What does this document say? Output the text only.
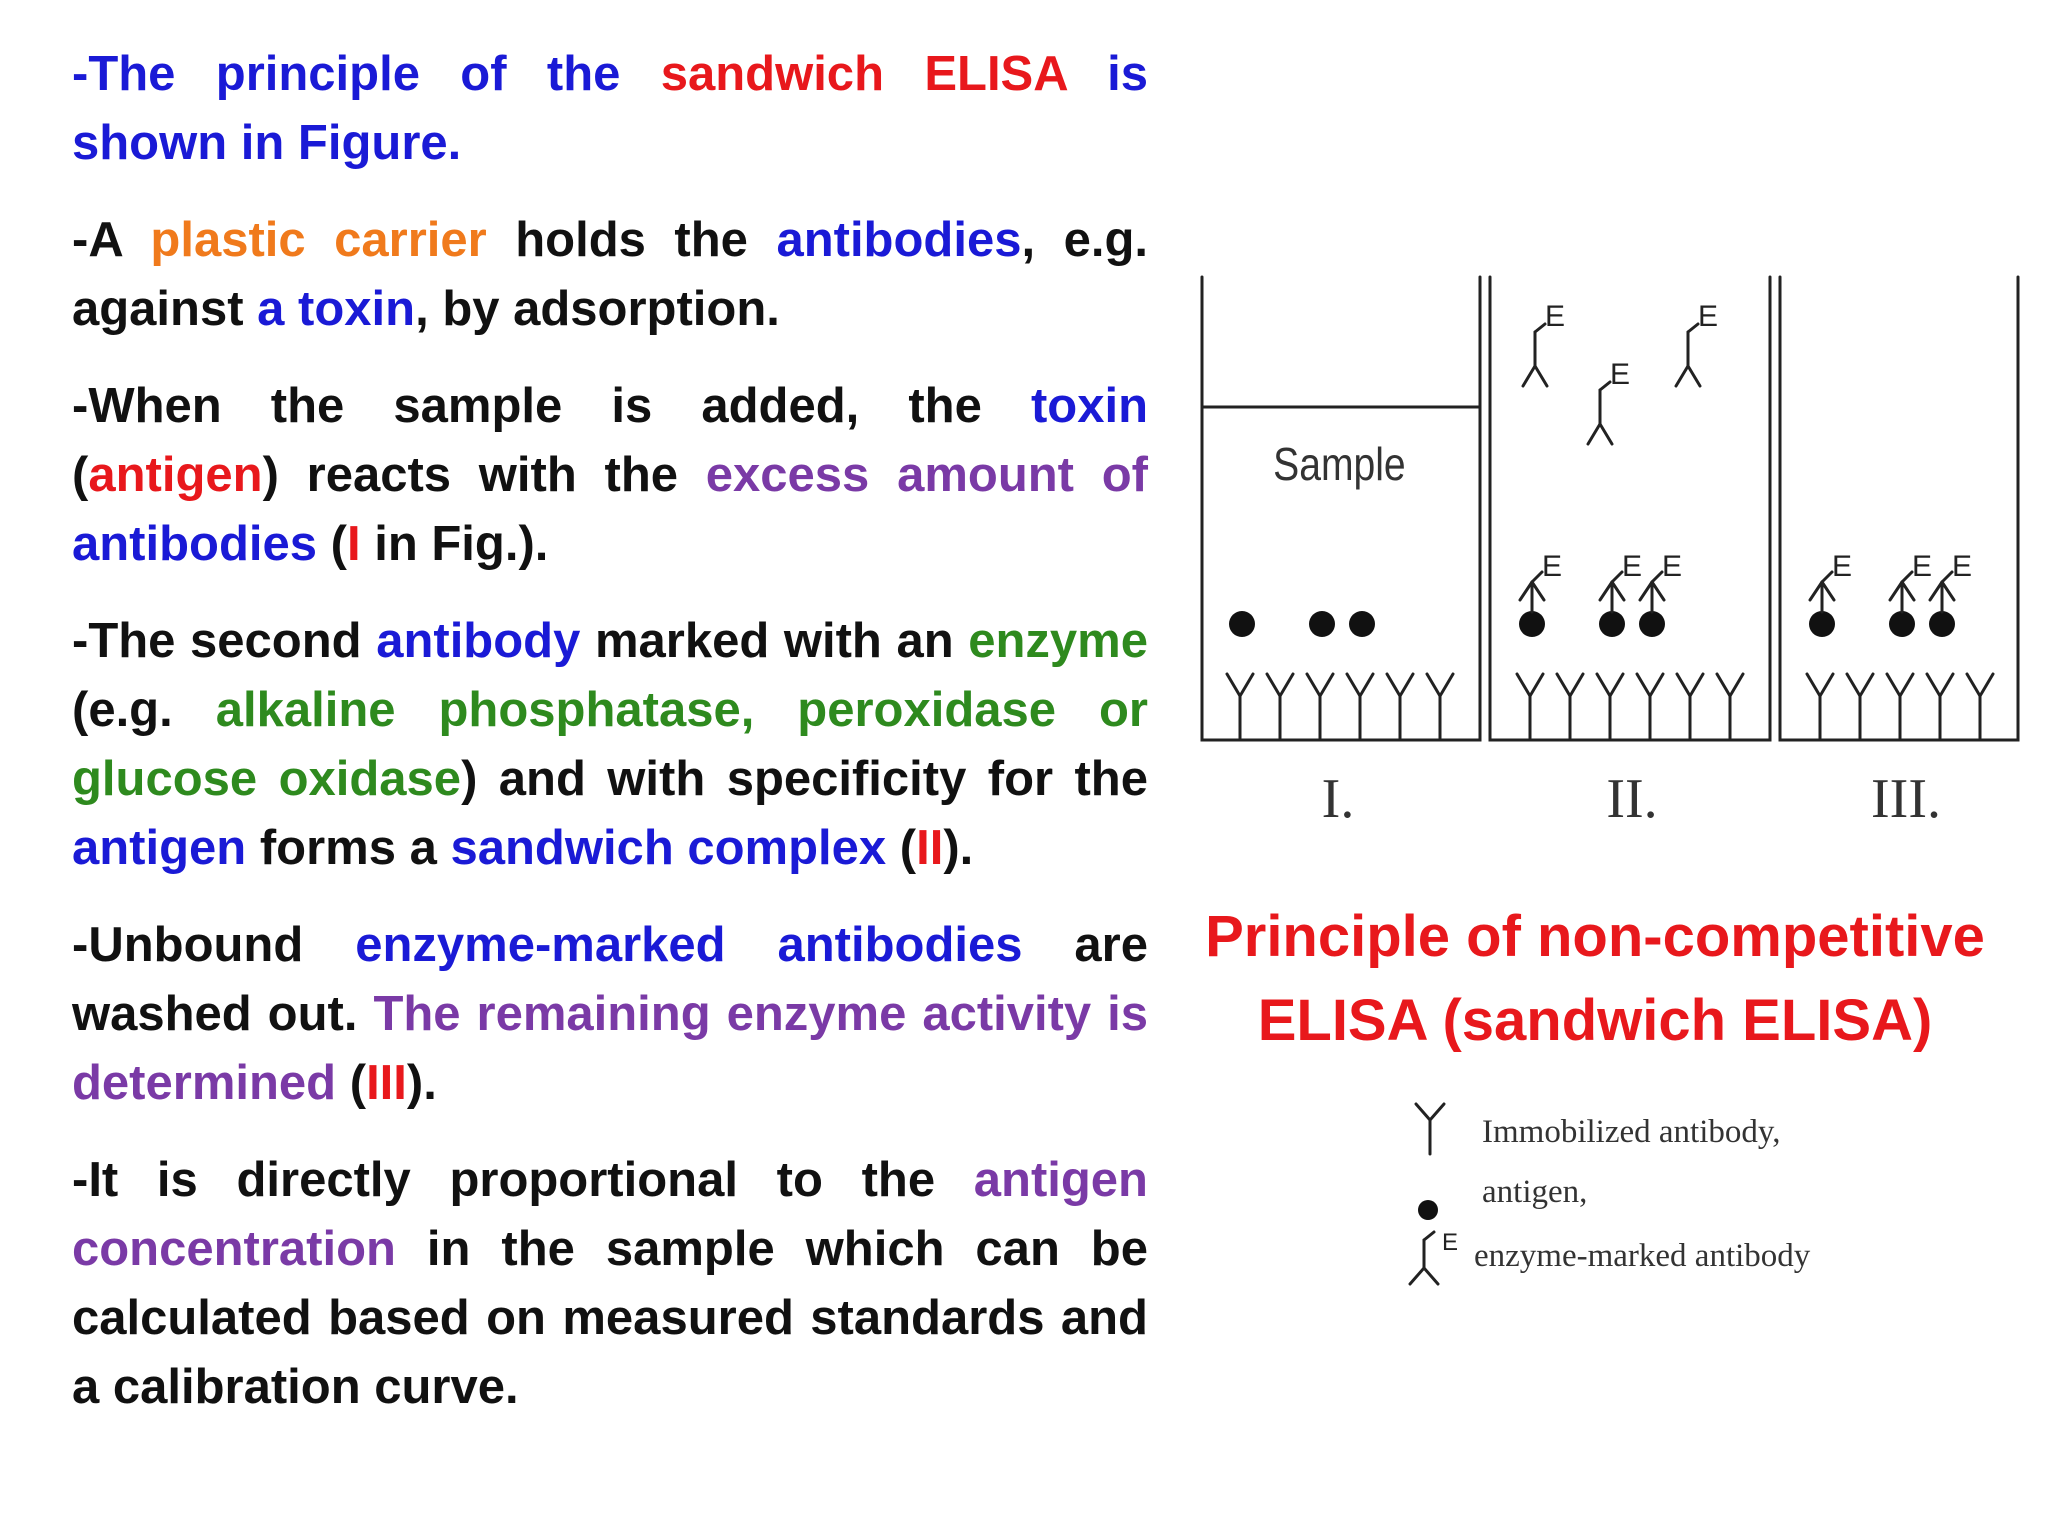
-The principle of the sandwich ELISA is shown in Figure.

-A plastic carrier holds the antibodies, e.g. against a toxin, by adsorption.

-When the sample is added, the toxin (antigen) reacts with the excess amount of antibodies (I in Fig.).

-The second antibody marked with an enzyme (e.g. alkaline phosphatase, peroxidase or glucose oxidase) and with specificity for the antigen forms a sandwich complex (II).

-Unbound enzyme-marked antibodies are washed out. The remaining enzyme activity is determined (III).

-It is directly proportional to the antigen concentration in the sample which can be calculated based on measured standards and a calibration curve.

E E E
E	E
E
E E E
Sample
I.	II.	III.
Principle of non-competitive
ELISA (sandwich ELISA)
E
Immobilized antibody,
antigen,
enzyme-marked antibody
